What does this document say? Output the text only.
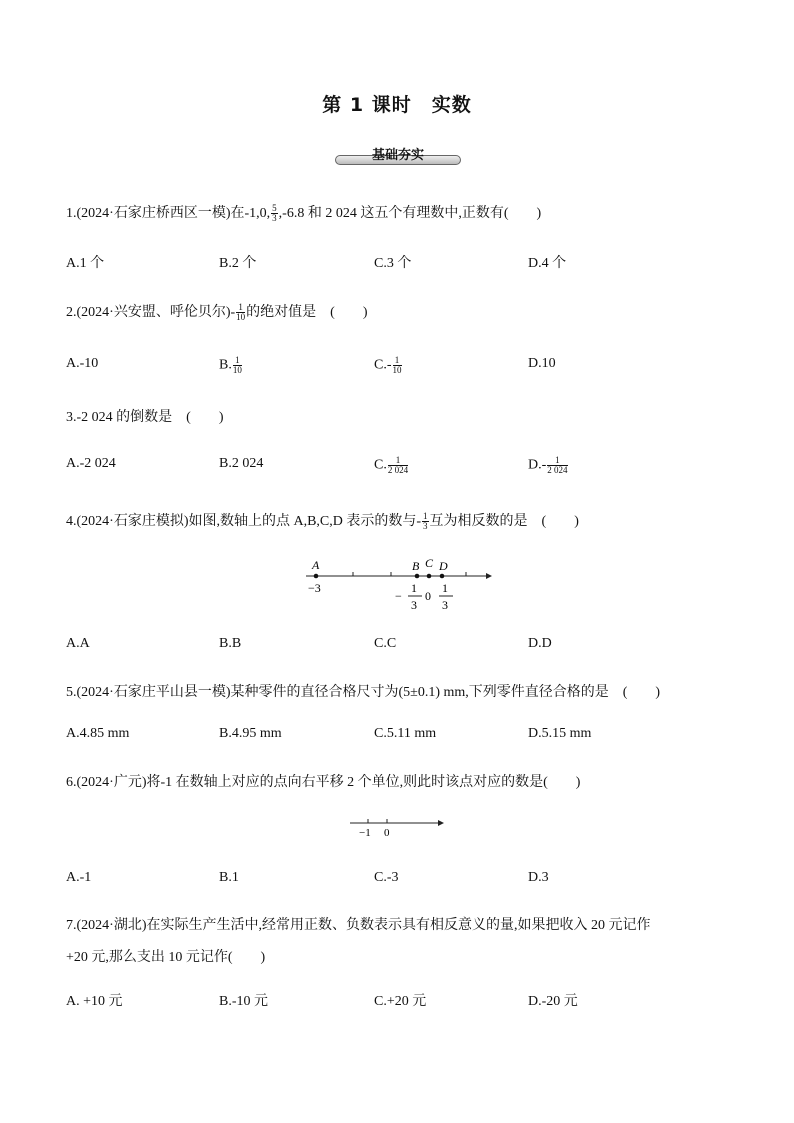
第 1 课时　实数
基础夯实
1.(2024·石家庄桥西区一模)在-1,0, $\frac{5}{3} ,-6.8$ 和 2 024 这五个有理数中,正数有(　　)
A.1 个	B.2 个	C.3 个	D.4 个
2.(2024·兴安盟、呼伦贝尔)- $\frac{1}{10}$ 的绝对值是　(　　)
A.-10	B. $\frac{1}{10}$	$C.- \frac{1}{10}$	D.10
3.-2 024 的倒数是　(　　)
A.-2 024	B.2 024	C. $\frac{1}{2 024}$	$D.- \frac{1}{2 024}$
4.(2024·石家庄模拟)如图,数轴上的点 A,B,C,D 表示的数与- $\frac{1}{3}$ 互为相反数的是　(　　)
A	B C D
−3
−
1
3
0
1
3
A.A	B.B	C.C	D.D
5.(2024·石家庄平山县一模)某种零件的直径合格尺寸为(5±0.1) mm,下列零件直径合格的是　(　　)
A.4.85 mm	B.4.95 mm	C.5.11 mm	D.5.15 mm
6.(2024·广元)将-1 在数轴上对应的点向右平移 2 个单位,则此时该点对应的数是(　　)
−1 0
A.-1	B.1	C.-3	D.3
7.(2024·湖北)在实际生产生活中,经常用正数、负数表示具有相反意义的量,如果把收入 20 元记作
+20 元,那么支出 10 元记作(　　)
A. +10 元	B.-10 元	C.+20 元	D.-20 元
